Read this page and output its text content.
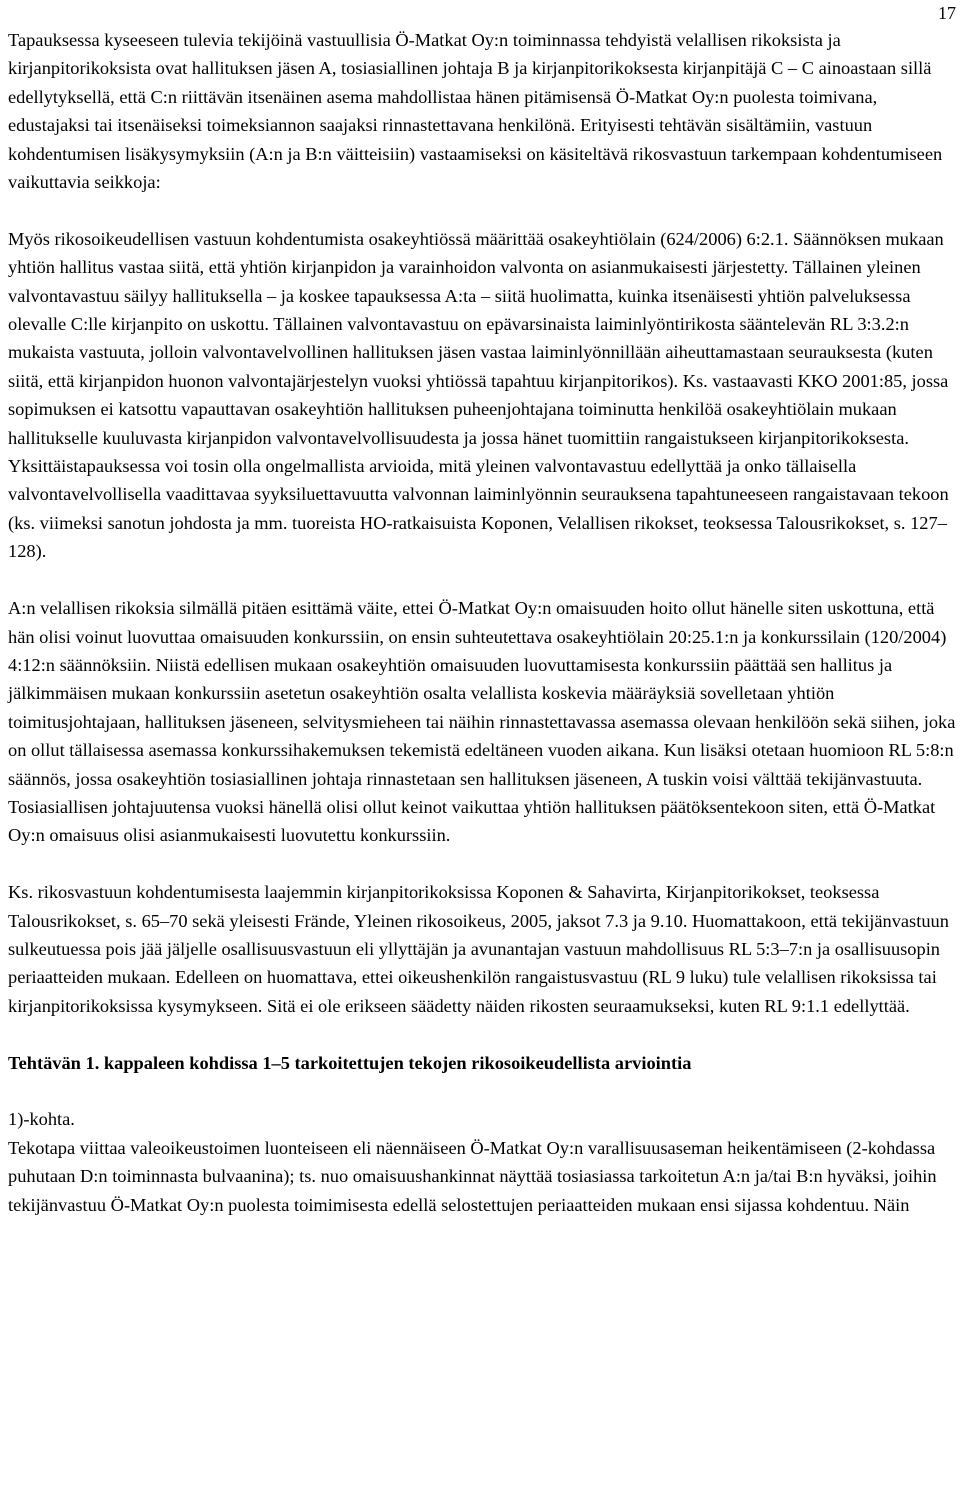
17

Tapauksessa kyseeseen tulevia tekijöinä vastuullisia Ö-Matkat Oy:n toiminnassa tehdyistä velallisen rikoksista ja kirjanpitorikoksista ovat hallituksen jäsen A, tosiasiallinen johtaja B ja kirjanpitorikoksesta kirjanpitäjä C – C ainoastaan sillä edellytyksellä, että C:n riittävän itsenäinen asema mahdollistaa hänen pitämisensä Ö-Matkat Oy:n puolesta toimivana, edustajaksi tai itsenäiseksi toimeksiannon saajaksi rinnastettavana henkilönä. Erityisesti tehtävän sisältämiin, vastuun kohdentumisen lisäkysymyksiin (A:n ja B:n väitteisiin) vastaamiseksi on käsiteltävä rikosvastuun tarkempaan kohdentumiseen vaikuttavia seikkoja:

Myös rikosoikeudellisen vastuun kohdentumista osakeyhtiössä määrittää osakeyhtiölain (624/2006) 6:2.1. Säännöksen mukaan yhtiön hallitus vastaa siitä, että yhtiön kirjanpidon ja varainhoidon valvonta on asianmukaisesti järjestetty. Tällainen yleinen valvontavastuu säilyy hallituksella – ja koskee tapauksessa A:ta – siitä huolimatta, kuinka itsenäisesti yhtiön palveluksessa olevalle C:lle kirjanpito on uskottu. Tällainen valvontavastuu on epävarsinaista laiminlyöntirikosta sääntelevän RL 3:3.2:n mukaista vastuuta, jolloin valvontavelvollinen hallituksen jäsen vastaa laiminlyönnillään aiheuttamastaan seurauksesta (kuten siitä, että kirjanpidon huonon valvontajärjestelyn vuoksi yhtiössä tapahtuu kirjanpitorikos). Ks. vastaavasti KKO 2001:85, jossa sopimuksen ei katsottu vapauttavan osakeyhtiön hallituksen puheenjohtajana toiminutta henkilöä osakeyhtiölain mukaan hallitukselle kuuluvasta kirjanpidon valvontavelvollisuudesta ja jossa hänet tuomittiin rangaistukseen kirjanpitorikoksesta. Yksittäistapauksessa voi tosin olla ongelmallista arvioida, mitä yleinen valvontavastuu edellyttää ja onko tällaisella valvontavelvollisella vaadittavaa syyksiluettavuutta valvonnan laiminlyönnin seurauksena tapahtuneeseen rangaistavaan tekoon (ks. viimeksi sanotun johdosta ja mm. tuoreista HO-ratkaisuista Koponen, Velallisen rikokset, teoksessa Talousrikokset, s. 127–128).

A:n velallisen rikoksia silmällä pitäen esittämä väite, ettei Ö-Matkat Oy:n omaisuuden hoito ollut hänelle siten uskottuna, että hän olisi voinut luovuttaa omaisuuden konkurssiin, on ensin suhteutettava osakeyhtiölain 20:25.1:n ja konkurssilain (120/2004) 4:12:n säännöksiin. Niistä edellisen mukaan osakeyhtiön omaisuuden luovuttamisesta konkurssiin päättää sen hallitus ja jälkimmäisen mukaan konkurssiin asetetun osakeyhtiön osalta velallista koskevia määräyksiä sovelletaan yhtiön toimitusjohtajaan, hallituksen jäseneen, selvitysmieheen tai näihin rinnastettavassa asemassa olevaan henkilöön sekä siihen, joka on ollut tällaisessa asemassa konkurssihakemuksen tekemistä edeltäneen vuoden aikana. Kun lisäksi otetaan huomioon RL 5:8:n säännös, jossa osakeyhtiön tosiasiallinen johtaja rinnastetaan sen hallituksen jäseneen, A tuskin voisi välttää tekijänvastuuta. Tosiasiallisen johtajuutensa vuoksi hänellä olisi ollut keinot vaikuttaa yhtiön hallituksen päätöksentekoon siten, että Ö-Matkat Oy:n omaisuus olisi asianmukaisesti luovutettu konkurssiin.

Ks. rikosvastuun kohdentumisesta laajemmin kirjanpitorikoksissa Koponen & Sahavirta, Kirjanpitorikokset, teoksessa Talousrikokset, s. 65–70 sekä yleisesti Frände, Yleinen rikosoikeus, 2005, jaksot 7.3 ja 9.10. Huomattakoon, että tekijänvastuun sulkeutuessa pois jää jäljelle osallisuusvastuun eli yllyttäjän ja avunantajan vastuun mahdollisuus RL 5:3–7:n ja osallisuusopin periaatteiden mukaan. Edelleen on huomattava, ettei oikeushenkilön rangaistusvastuu (RL 9 luku) tule velallisen rikoksissa tai kirjanpitorikoksissa kysymykseen. Sitä ei ole erikseen säädetty näiden rikosten seuraamukseksi, kuten RL 9:1.1 edellyttää.

Tehtävän 1. kappaleen kohdissa 1–5 tarkoitettujen tekojen rikosoikeudellista arviointia

1)-kohta.

Tekotapa viittaa valeoikeustoimen luonteiseen eli näennäiseen Ö-Matkat Oy:n varallisuusaseman heikentämiseen (2-kohdassa puhutaan D:n toiminnasta bulvaanina); ts. nuo omaisuushankinnat näyttää tosiasiassa tarkoitetun A:n ja/tai B:n hyväksi, joihin tekijänvastuu Ö-Matkat Oy:n puolesta toimimisesta edellä selostettujen periaatteiden mukaan ensi sijassa kohdentuu. Näin
